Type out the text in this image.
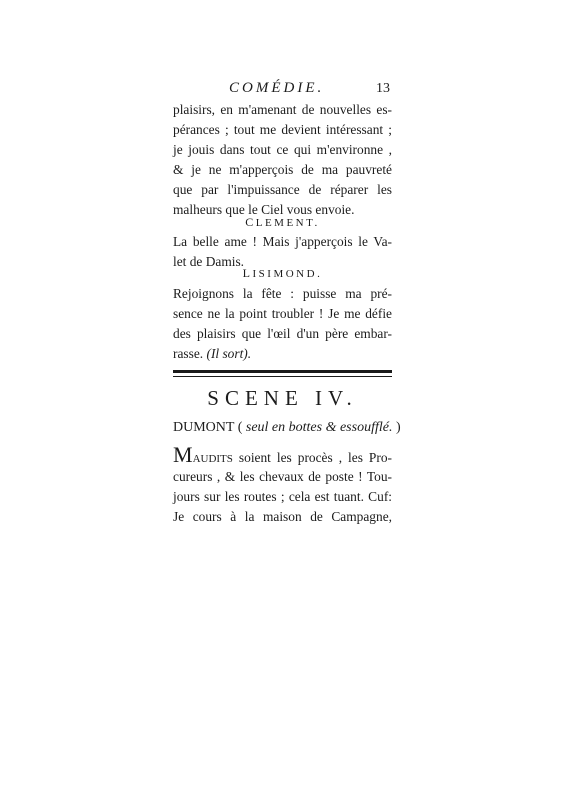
COMÉDIE.	13
plaisirs, en m'amenant de nouvelles es-
pérances ; tout me devient intéressant ;
je jouis dans tout ce qui m'environne ,
& je ne m'apperçois de ma pauvreté
que par l'impuissance de réparer les
malheurs que le Ciel vous envoie.
CLEMENT.
La belle ame ! Mais j'apperçois le Va-
let de Damis.
LISIMOND.
Rejoignons la fête : puisse ma pré-
sence ne la point troubler ! Je me défie
des plaisirs que l'œil d'un père embar-
rasse. (Il sort).
SCENE IV.
DUMONT ( seul en bottes & essoufflé. )
MAUDITS soient les procès , les Pro-
cureurs , & les chevaux de poste ! Tou-
jours sur les routes ; cela est tuant. Cuf:
Je cours à la maison de Campagne,
